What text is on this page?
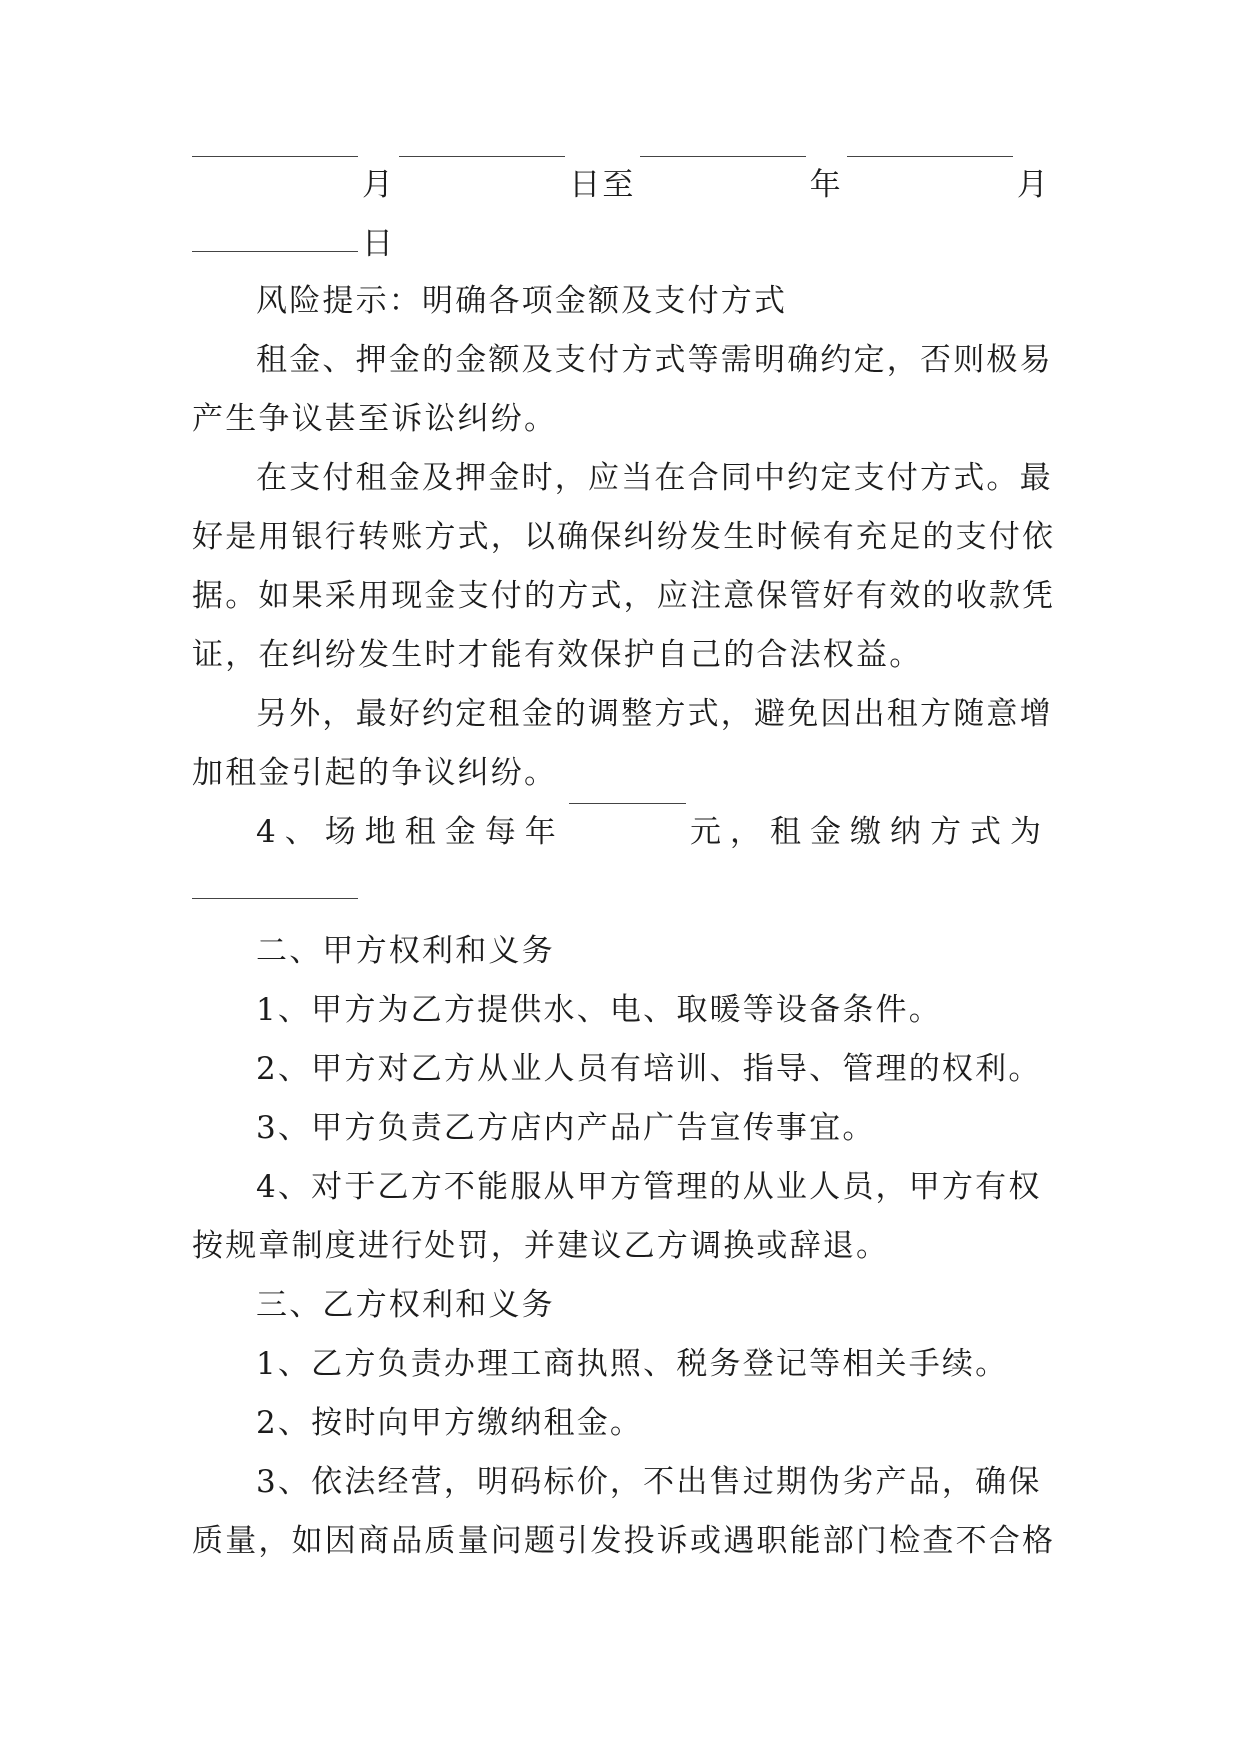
月	日至	年	月
日
风险提示：明确各项金额及支付方式
租金、押金的金额及支付方式等需明确约定，否则极易
产生争议甚至诉讼纠纷。
在支付租金及押金时，应当在合同中约定支付方式。最
好是用银行转账方式，以确保纠纷发生时候有充足的支付依
据。如果采用现金支付的方式，应注意保管好有效的收款凭
证，在纠纷发生时才能有效保护自己的合法权益。
另外，最好约定租金的调整方式，避免因出租方随意增
加租金引起的争议纠纷。
4、场地租金每年	元，租金缴纳方式为
二、甲方权利和义务
1、甲方为乙方提供水、电、取暖等设备条件。
2、甲方对乙方从业人员有培训、指导、管理的权利。
3、甲方负责乙方店内产品广告宣传事宜。
4、对于乙方不能服从甲方管理的从业人员，甲方有权
按规章制度进行处罚，并建议乙方调换或辞退。
三、乙方权利和义务
1、乙方负责办理工商执照、税务登记等相关手续。
2、按时向甲方缴纳租金。
3、依法经营，明码标价，不出售过期伪劣产品，确保
质量，如因商品质量问题引发投诉或遇职能部门检查不合格
